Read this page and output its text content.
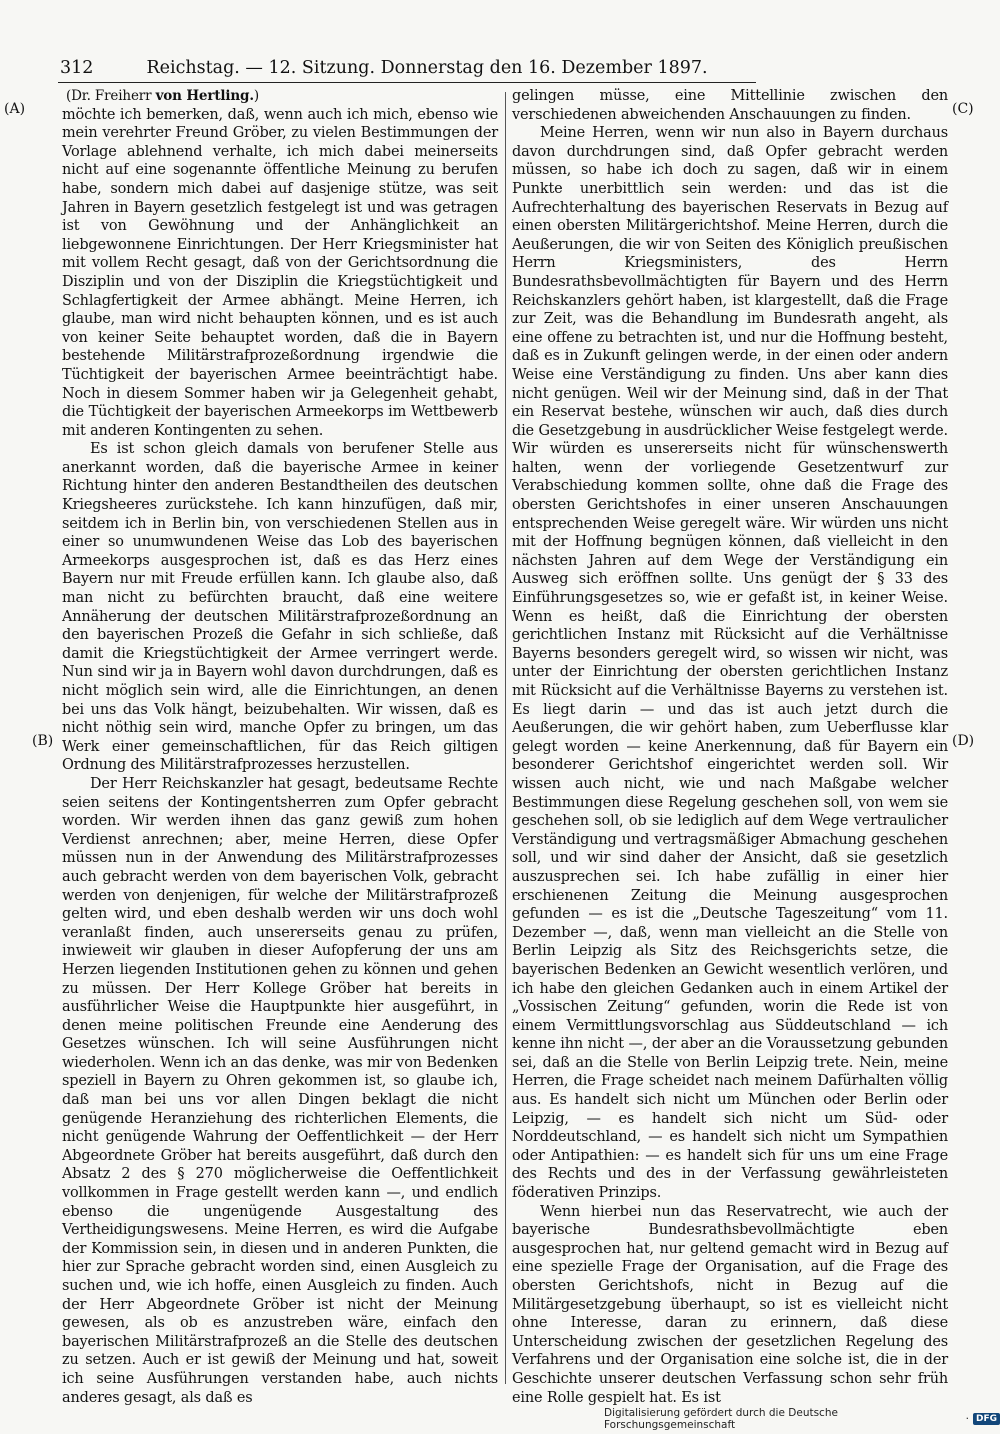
312	Reichstag. — 12. Sitzung. Donnerstag den 16. Dezember 1897.
(A)
(B)
(C)
(D)

(Dr. Freiherr von Hertling.)

möchte ich bemerken, daß, wenn auch ich mich, ebenso wie mein verehrter Freund Gröber, zu vielen Bestimmungen der Vorlage ablehnend verhalte, ich mich dabei meinerseits nicht auf eine sogenannte öffentliche Meinung zu berufen habe, sondern mich dabei auf dasjenige stütze, was seit Jahren in Bayern gesetzlich festgelegt ist und was getragen ist von Gewöhnung und der Anhänglichkeit an liebgewonnene Einrichtungen. Der Herr Kriegsminister hat mit vollem Recht gesagt, daß von der Gerichtsordnung die Disziplin und von der Disziplin die Kriegstüchtigkeit und Schlagfertigkeit der Armee abhängt. Meine Herren, ich glaube, man wird nicht behaupten können, und es ist auch von keiner Seite behauptet worden, daß die in Bayern bestehende Militärstrafprozeßordnung irgendwie die Tüchtigkeit der bayerischen Armee beeinträchtigt habe. Noch in diesem Sommer haben wir ja Gelegenheit gehabt, die Tüchtigkeit der bayerischen Armeekorps im Wettbewerb mit anderen Kontingenten zu sehen.

Es ist schon gleich damals von berufener Stelle aus anerkannt worden, daß die bayerische Armee in keiner Richtung hinter den anderen Bestandtheilen des deutschen Kriegsheeres zurückstehe. Ich kann hinzufügen, daß mir, seitdem ich in Berlin bin, von verschiedenen Stellen aus in einer so unumwundenen Weise das Lob des bayerischen Armeekorps ausgesprochen ist, daß es das Herz eines Bayern nur mit Freude erfüllen kann. Ich glaube also, daß man nicht zu befürchten braucht, daß eine weitere Annäherung der deutschen Militärstrafprozeßordnung an den bayerischen Prozeß die Gefahr in sich schließe, daß damit die Kriegstüchtigkeit der Armee verringert werde. Nun sind wir ja in Bayern wohl davon durchdrungen, daß es nicht möglich sein wird, alle die Einrichtungen, an denen bei uns das Volk hängt, beizubehalten. Wir wissen, daß es nicht nöthig sein wird, manche Opfer zu bringen, um das Werk einer gemeinschaftlichen, für das Reich giltigen Ordnung des Militärstrafprozesses herzustellen.

Der Herr Reichskanzler hat gesagt, bedeutsame Rechte seien seitens der Kontingentsherren zum Opfer gebracht worden. Wir werden ihnen das ganz gewiß zum hohen Verdienst anrechnen; aber, meine Herren, diese Opfer müssen nun in der Anwendung des Militärstrafprozesses auch gebracht werden von dem bayerischen Volk, gebracht werden von denjenigen, für welche der Militärstrafprozeß gelten wird, und eben deshalb werden wir uns doch wohl veranlaßt finden, auch unsererseits genau zu prüfen, inwieweit wir glauben in dieser Aufopferung der uns am Herzen liegenden Institutionen gehen zu können und gehen zu müssen. Der Herr Kollege Gröber hat bereits in ausführlicher Weise die Hauptpunkte hier ausgeführt, in denen meine politischen Freunde eine Aenderung des Gesetzes wünschen. Ich will seine Ausführungen nicht wiederholen. Wenn ich an das denke, was mir von Bedenken speziell in Bayern zu Ohren gekommen ist, so glaube ich, daß man bei uns vor allen Dingen beklagt die nicht genügende Heranziehung des richterlichen Elements, die nicht genügende Wahrung der Oeffentlichkeit — der Herr Abgeordnete Gröber hat bereits ausgeführt, daß durch den Absatz 2 des § 270 möglicherweise die Oeffentlichkeit vollkommen in Frage gestellt werden kann —, und endlich ebenso die ungenügende Ausgestaltung des Vertheidigungswesens. Meine Herren, es wird die Aufgabe der Kommission sein, in diesen und in anderen Punkten, die hier zur Sprache gebracht worden sind, einen Ausgleich zu suchen und, wie ich hoffe, einen Ausgleich zu finden. Auch der Herr Abgeordnete Gröber ist nicht der Meinung gewesen, als ob es anzustreben wäre, einfach den bayerischen Militärstrafprozeß an die Stelle des deutschen zu setzen. Auch er ist gewiß der Meinung und hat, soweit ich seine Ausführungen verstanden habe, auch nichts anderes gesagt, als daß es

gelingen müsse, eine Mittellinie zwischen den verschiedenen abweichenden Anschauungen zu finden.

Meine Herren, wenn wir nun also in Bayern durchaus davon durchdrungen sind, daß Opfer gebracht werden müssen, so habe ich doch zu sagen, daß wir in einem Punkte unerbittlich sein werden: und das ist die Aufrechterhaltung des bayerischen Reservats in Bezug auf einen obersten Militärgerichtshof. Meine Herren, durch die Aeußerungen, die wir von Seiten des Königlich preußischen Herrn Kriegsministers, des Herrn Bundesrathsbevollmächtigten für Bayern und des Herrn Reichskanzlers gehört haben, ist klargestellt, daß die Frage zur Zeit, was die Behandlung im Bundesrath angeht, als eine offene zu betrachten ist, und nur die Hoffnung besteht, daß es in Zukunft gelingen werde, in der einen oder andern Weise eine Verständigung zu finden. Uns aber kann dies nicht genügen. Weil wir der Meinung sind, daß in der That ein Reservat bestehe, wünschen wir auch, daß dies durch die Gesetzgebung in ausdrücklicher Weise festgelegt werde. Wir würden es unsererseits nicht für wünschenswerth halten, wenn der vorliegende Gesetzentwurf zur Verabschiedung kommen sollte, ohne daß die Frage des obersten Gerichtshofes in einer unseren Anschauungen entsprechenden Weise geregelt wäre. Wir würden uns nicht mit der Hoffnung begnügen können, daß vielleicht in den nächsten Jahren auf dem Wege der Verständigung ein Ausweg sich eröffnen sollte. Uns genügt der § 33 des Einführungsgesetzes so, wie er gefaßt ist, in keiner Weise. Wenn es heißt, daß die Einrichtung der obersten gerichtlichen Instanz mit Rücksicht auf die Verhältnisse Bayerns besonders geregelt wird, so wissen wir nicht, was unter der Einrichtung der obersten gerichtlichen Instanz mit Rücksicht auf die Verhältnisse Bayerns zu verstehen ist. Es liegt darin — und das ist auch jetzt durch die Aeußerungen, die wir gehört haben, zum Ueberflusse klar gelegt worden — keine Anerkennung, daß für Bayern ein besonderer Gerichtshof eingerichtet werden soll. Wir wissen auch nicht, wie und nach Maßgabe welcher Bestimmungen diese Regelung geschehen soll, von wem sie geschehen soll, ob sie lediglich auf dem Wege vertraulicher Verständigung und vertragsmäßiger Abmachung geschehen soll, und wir sind daher der Ansicht, daß sie gesetzlich auszusprechen sei. Ich habe zufällig in einer hier erschienenen Zeitung die Meinung ausgesprochen gefunden — es ist die „Deutsche Tageszeitung“ vom 11. Dezember —, daß, wenn man vielleicht an die Stelle von Berlin Leipzig als Sitz des Reichsgerichts setze, die bayerischen Bedenken an Gewicht wesentlich verlören, und ich habe den gleichen Gedanken auch in einem Artikel der „Vossischen Zeitung“ gefunden, worin die Rede ist von einem Vermittlungsvorschlag aus Süddeutschland — ich kenne ihn nicht —, der aber an die Voraussetzung gebunden sei, daß an die Stelle von Berlin Leipzig trete. Nein, meine Herren, die Frage scheidet nach meinem Dafürhalten völlig aus. Es handelt sich nicht um München oder Berlin oder Leipzig, — es handelt sich nicht um Süd- oder Norddeutschland, — es handelt sich nicht um Sympathien oder Antipathien: — es handelt sich für uns um eine Frage des Rechts und des in der Verfassung gewährleisteten föderativen Prinzips.

Wenn hierbei nun das Reservatrecht, wie auch der bayerische Bundesrathsbevollmächtigte eben ausgesprochen hat, nur geltend gemacht wird in Bezug auf eine spezielle Frage der Organisation, auf die Frage des obersten Gerichtshofs, nicht in Bezug auf die Militärgesetzgebung überhaupt, so ist es vielleicht nicht ohne Interesse, daran zu erinnern, daß diese Unterscheidung zwischen der gesetzlichen Regelung des Verfahrens und der Organisation eine solche ist, die in der Geschichte unserer deutschen Verfassung schon sehr früh eine Rolle gespielt hat. Es ist

Digitalisierung gefördert durch die Deutsche Forschungsgemeinschaft	· DFG
